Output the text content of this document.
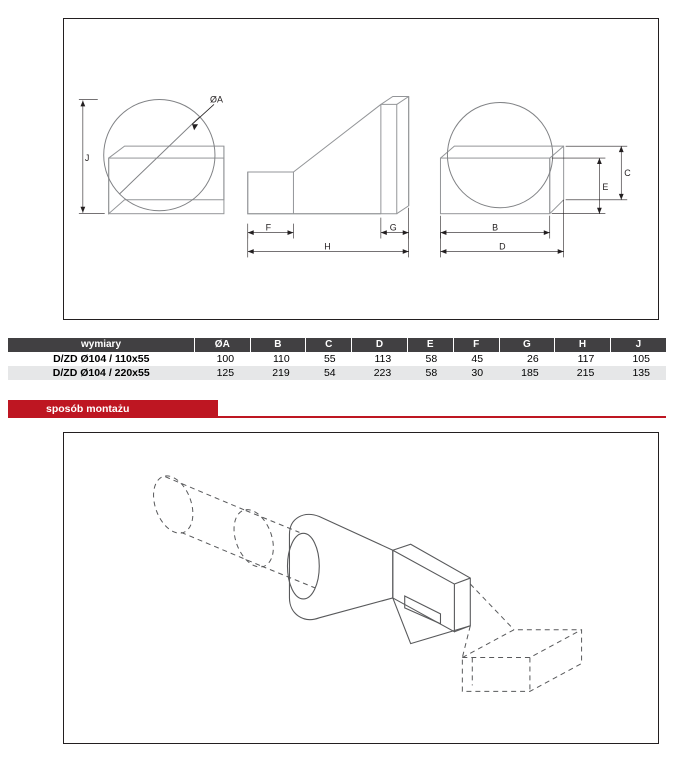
ØA
J
F	G
H
C
E
B
D
wymiary	ØA	B	C	D	E	F	G	H	J
D/ZD Ø104 / 110x55	100	110	55	113	58	45	26	117	105
D/ZD Ø104 / 220x55	125	219	54	223	58	30	185	215	135
sposób montażu
